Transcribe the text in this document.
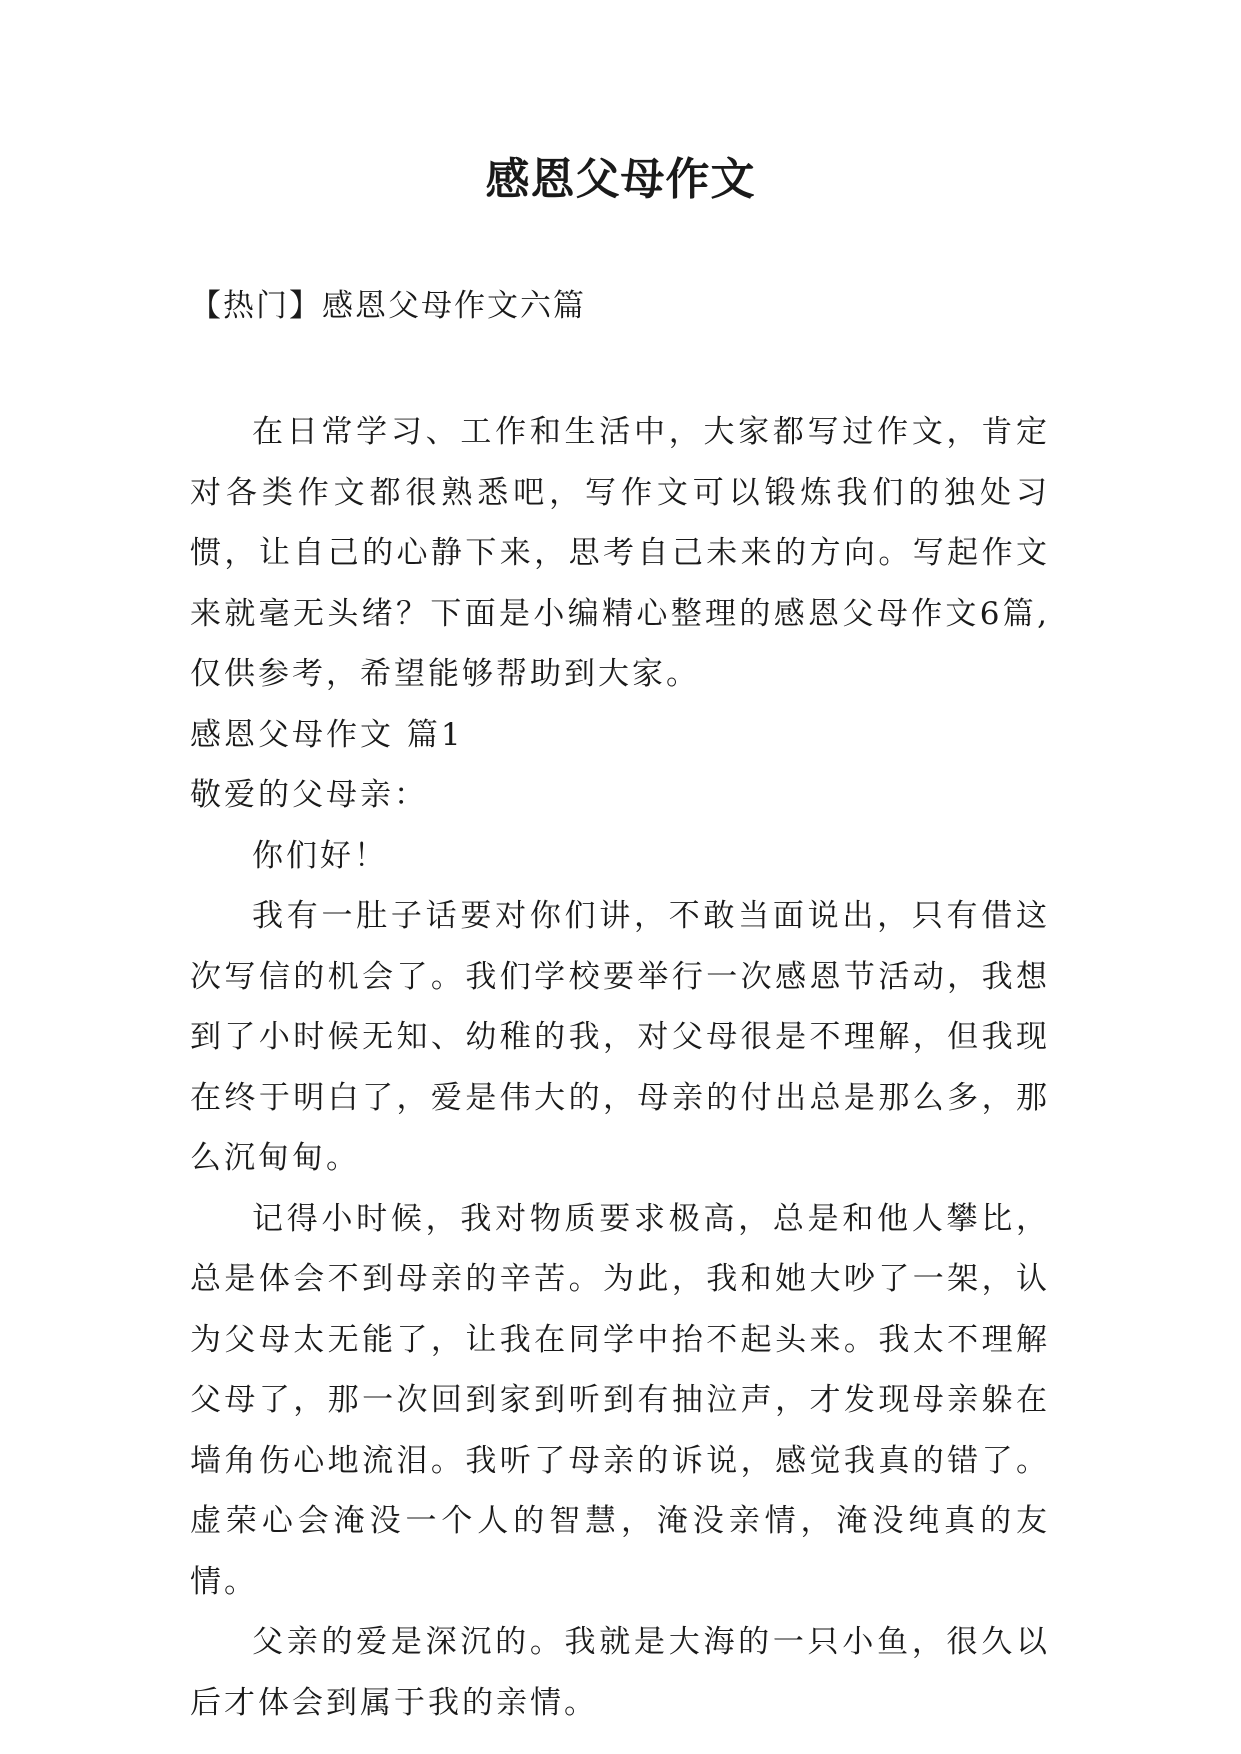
感恩父母作文

【热门】感恩父母作文六篇

在日常学习、工作和生活中，大家都写过作文，肯定对各类作文都很熟悉吧，写作文可以锻炼我们的独处习惯，让自己的心静下来，思考自己未来的方向。写起作文来就毫无头绪？下面是小编精心整理的感恩父母作文6篇,仅供参考，希望能够帮助到大家。

感恩父母作文 篇1

敬爱的父母亲：

你们好！

我有一肚子话要对你们讲，不敢当面说出，只有借这次写信的机会了。我们学校要举行一次感恩节活动，我想到了小时候无知、幼稚的我，对父母很是不理解，但我现在终于明白了，爱是伟大的，母亲的付出总是那么多，那么沉甸甸。

记得小时候，我对物质要求极高，总是和他人攀比，总是体会不到母亲的辛苦。为此，我和她大吵了一架，认为父母太无能了，让我在同学中抬不起头来。我太不理解父母了，那一次回到家到听到有抽泣声，才发现母亲躲在墙角伤心地流泪。我听了母亲的诉说，感觉我真的错了。虚荣心会淹没一个人的智慧，淹没亲情，淹没纯真的友情。

父亲的爱是深沉的。我就是大海的一只小鱼，很久以后才体会到属于我的亲情。
